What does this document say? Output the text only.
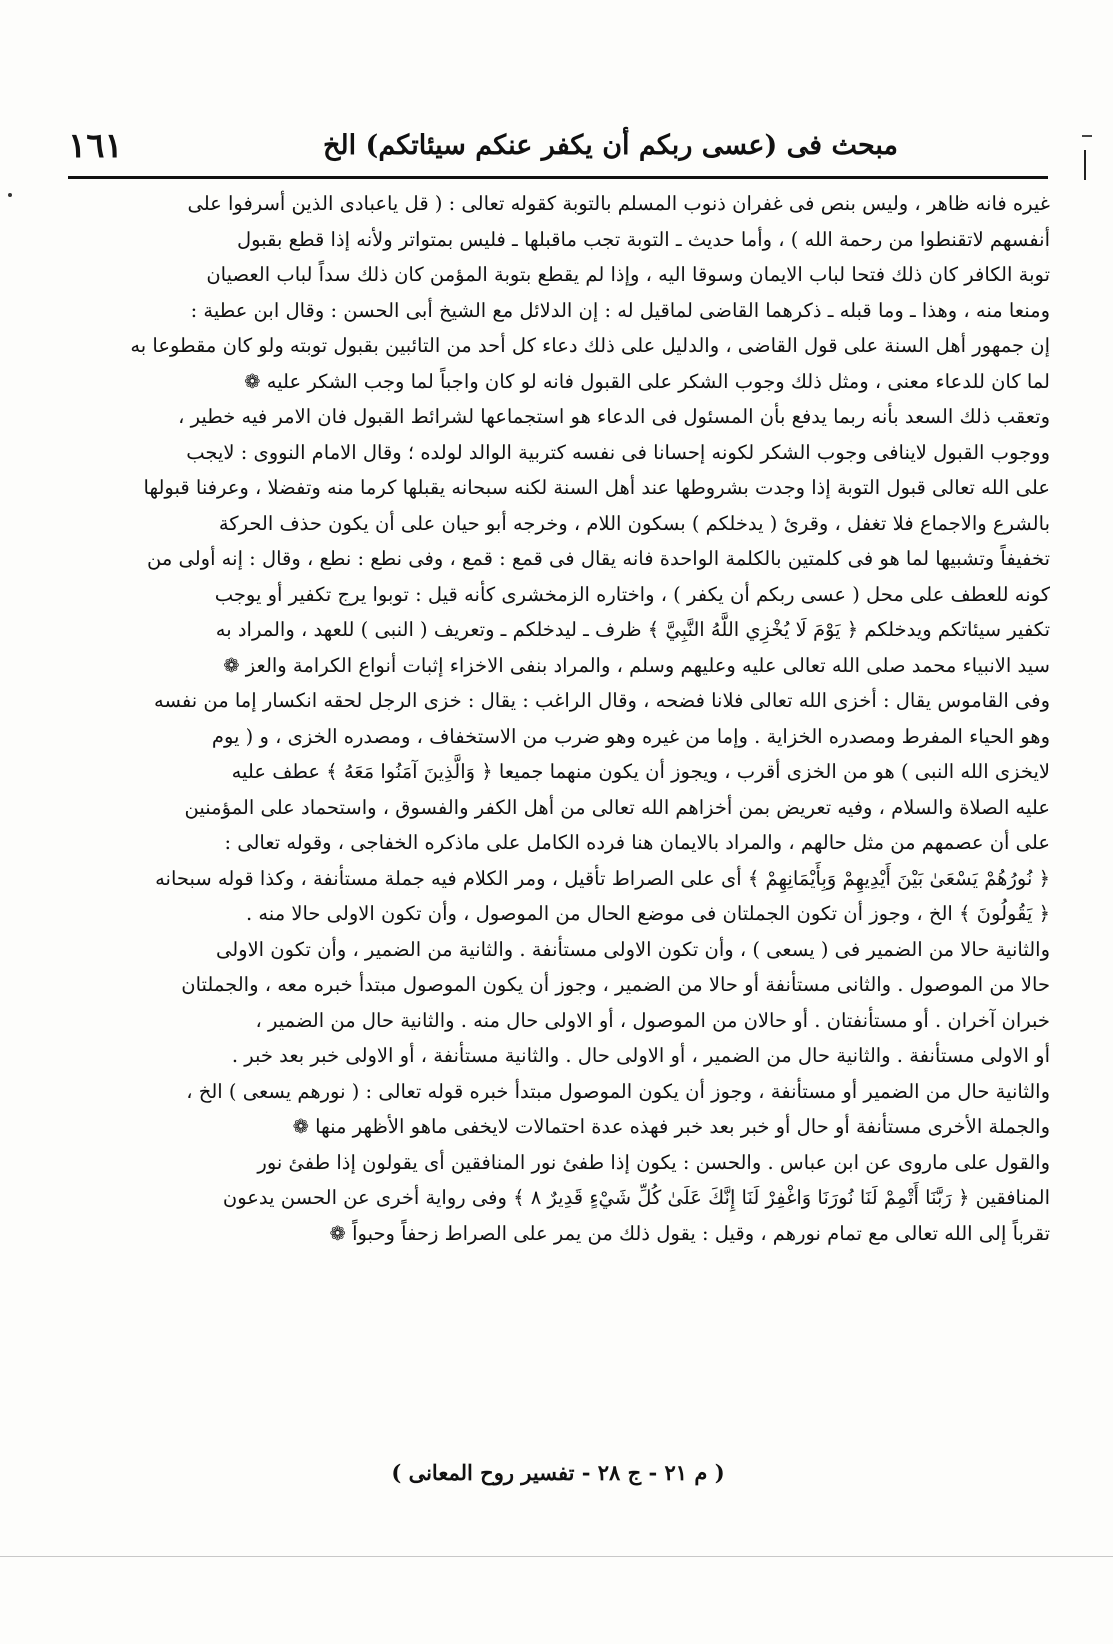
مبحث فى (عسى ربكم أن يكفر عنكم سيئاتكم) الخ
١٦١
غيره فانه ظاهر ، وليس بنص فى غفران ذنوب المسلم بالتوبة كقوله تعالى : ( قل ياعبادى الذين أسرفوا على
أنفسهم لاتقنطوا من رحمة الله ) ، وأما حديث ـ التوبة تجب ماقبلها ـ فليس بمتواتر ولأنه إذا قطع بقبول
توبة الكافر كان ذلك فتحا لباب الايمان وسوقا اليه ، وإذا لم يقطع بتوبة المؤمن كان ذلك سداً لباب العصيان
ومنعا منه ، وهذا ـ وما قبله ـ ذكرهما القاضى لماقيل له : إن الدلائل مع الشيخ أبى الحسن : وقال ابن عطية :
إن جمهور أهل السنة على قول القاضى ، والدليل على ذلك دعاء كل أحد من التائبين بقبول توبته ولو كان مقطوعا به
لما كان للدعاء معنى ، ومثل ذلك وجوب الشكر على القبول فانه لو كان واجباً لما وجب الشكر عليه ❁
وتعقب ذلك السعد بأنه ربما يدفع بأن المسئول فى الدعاء هو استجماعها لشرائط القبول فان الامر فيه خطير ،
ووجوب القبول لاينافى وجوب الشكر لكونه إحسانا فى نفسه كتربية الوالد لولده ؛ وقال الامام النووى : لايجب
على الله تعالى قبول التوبة إذا وجدت بشروطها عند أهل السنة لكنه سبحانه يقبلها كرما منه وتفضلا ، وعرفنا قبولها
بالشرع والاجماع فلا تغفل ، وقرئ ( يدخلكم ) بسكون اللام ، وخرجه أبو حيان على أن يكون حذف الحركة
تخفيفاً وتشبيها لما هو فى كلمتين بالكلمة الواحدة فانه يقال فى قمع : قمع ، وفى نطع : نطع ، وقال : إنه أولى من
كونه للعطف على محل ( عسى ربكم أن يكفر ) ، واختاره الزمخشرى كأنه قيل : توبوا يرج تكفير أو يوجب
تكفير سيئاتكم ويدخلكم ﴿ يَوْمَ لَا يُخْزِي اللَّهُ النَّبِيَّ ﴾ ظرف ـ ليدخلكم ـ وتعريف ( النبى ) للعهد ، والمراد به
سيد الانبياء محمد صلى الله تعالى عليه وعليهم وسلم ، والمراد بنفى الاخزاء إثبات أنواع الكرامة والعز ❁
وفى القاموس يقال : أخزى الله تعالى فلانا فضحه ، وقال الراغب : يقال : خزى الرجل لحقه انكسار إما من نفسه
وهو الحياء المفرط ومصدره الخزاية . وإما من غيره وهو ضرب من الاستخفاف ، ومصدره الخزى ، و ( يوم
لايخزى الله النبى ) هو من الخزى أقرب ، ويجوز أن يكون منهما جميعا ﴿ وَالَّذِينَ آمَنُوا مَعَهُ ﴾ عطف عليه
عليه الصلاة والسلام ، وفيه تعريض بمن أخزاهم الله تعالى من أهل الكفر والفسوق ، واستحماد على المؤمنين
على أن عصمهم من مثل حالهم ، والمراد بالايمان هنا فرده الكامل على ماذكره الخفاجى ، وقوله تعالى :
﴿ نُورُهُمْ يَسْعَىٰ بَيْنَ أَيْدِيهِمْ وَبِأَيْمَانِهِمْ ﴾ أى على الصراط تأقيل ، ومر الكلام فيه جملة مستأنفة ، وكذا قوله سبحانه
﴿ يَقُولُونَ ﴾ الخ ، وجوز أن تكون الجملتان فى موضع الحال من الموصول ، وأن تكون الاولى حالا منه .
والثانية حالا من الضمير فى ( يسعى ) ، وأن تكون الاولى مستأنفة . والثانية من الضمير ، وأن تكون الاولى
حالا من الموصول . والثانى مستأنفة أو حالا من الضمير ، وجوز أن يكون الموصول مبتدأ خبره معه ، والجملتان
خبران آخران . أو مستأنفتان . أو حالان من الموصول ، أو الاولى حال منه . والثانية حال من الضمير ،
أو الاولى مستأنفة . والثانية حال من الضمير ، أو الاولى حال . والثانية مستأنفة ، أو الاولى خبر بعد خبر .
والثانية حال من الضمير أو مستأنفة ، وجوز أن يكون الموصول مبتدأ خبره قوله تعالى : ( نورهم يسعى ) الخ ،
والجملة الأخرى مستأنفة أو حال أو خبر بعد خبر فهذه عدة احتمالات لايخفى ماهو الأظهر منها ❁
والقول على ماروى عن ابن عباس . والحسن : يكون إذا طفئ نور المنافقين أى يقولون إذا طفئ نور
المنافقين ﴿ رَبَّنَا أَتْمِمْ لَنَا نُورَنَا وَاغْفِرْ لَنَا إِنَّكَ عَلَىٰ كُلِّ شَيْءٍ قَدِيرٌ ٨ ﴾ وفى رواية أخرى عن الحسن يدعون
تقرباً إلى الله تعالى مع تمام نورهم ، وقيل : يقول ذلك من يمر على الصراط زحفاً وحبواً ❁
( م ٢١ - ج ٢٨ - تفسير روح المعانى )
